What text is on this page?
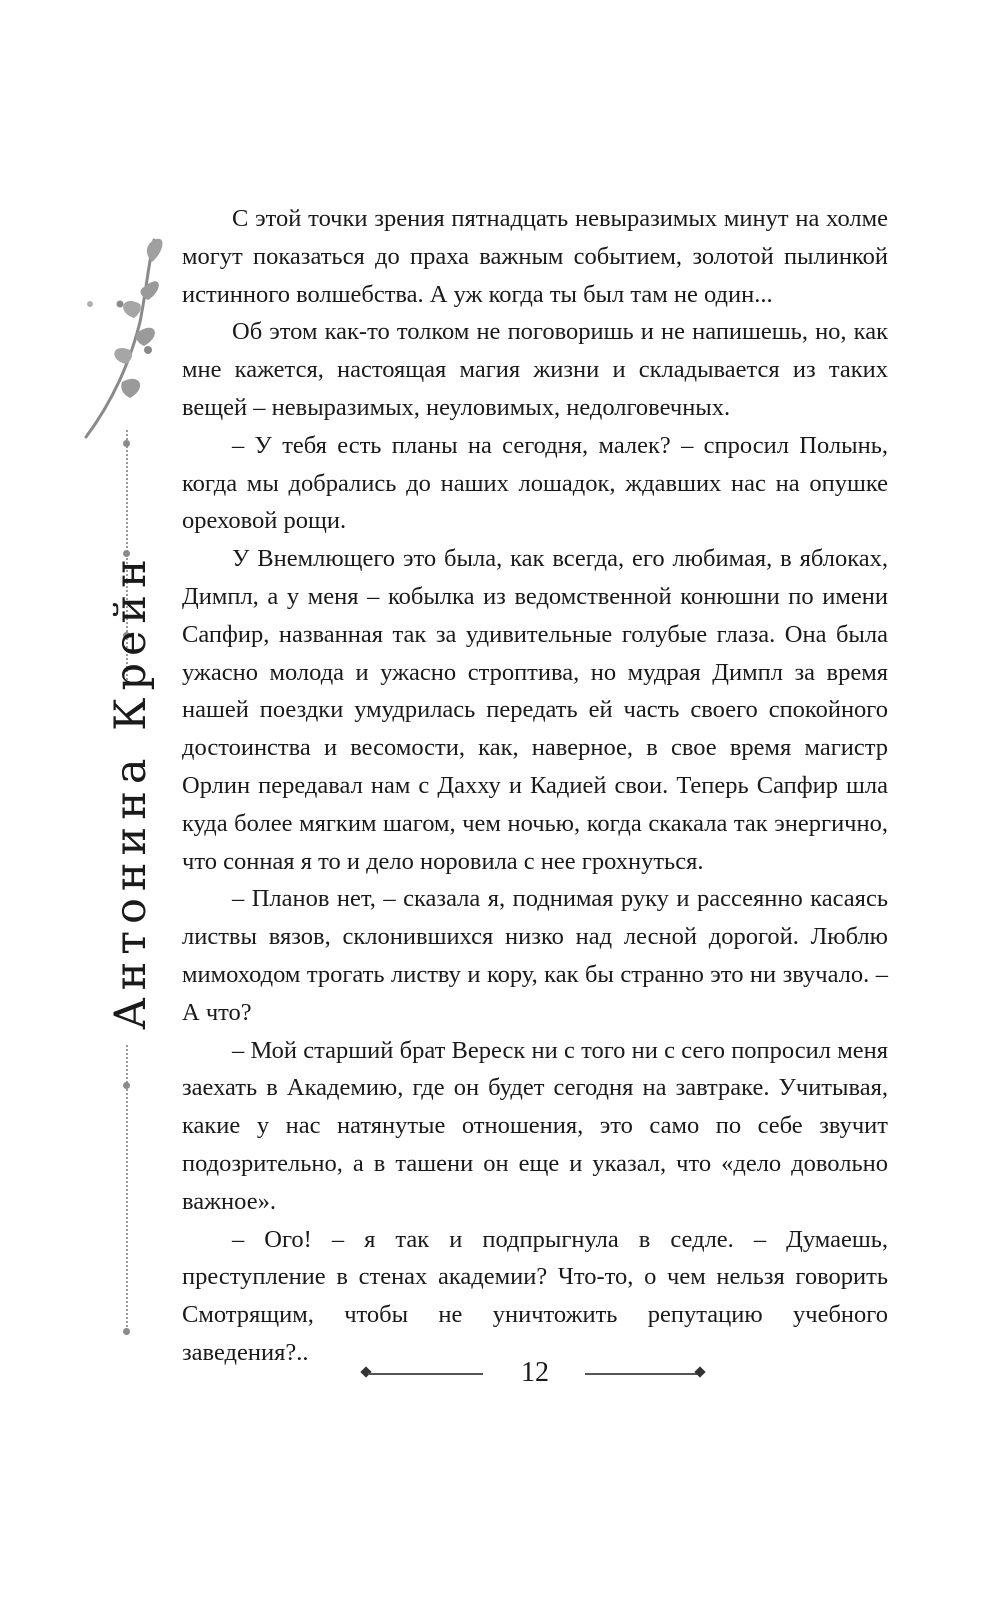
Антонина Крейн

С этой точки зрения пятнадцать невыразимых минут на холме могут показаться до праха важным событием, золотой пылинкой истинного волшебства. А уж когда ты был там не один...

Об этом как-то толком не поговоришь и не напишешь, но, как мне кажется, настоящая магия жизни и складывается из таких вещей – невыразимых, неуловимых, недолговечных.

– У тебя есть планы на сегодня, малек? – спросил Полынь, когда мы добрались до наших лошадок, ждавших нас на опушке ореховой рощи.

У Внемлющего это была, как всегда, его любимая, в яблоках, Димпл, а у меня – кобылка из ведомственной конюшни по имени Сапфир, названная так за удивительные голубые глаза. Она была ужасно молода и ужасно строптива, но мудрая Димпл за время нашей поездки умудрилась передать ей часть своего спокойного достоинства и весомости, как, наверное, в свое время магистр Орлин передавал нам с Дахху и Кадией свои. Теперь Сапфир шла куда более мягким шагом, чем ночью, когда скакала так энергично, что сонная я то и дело норовила с нее грохнуться.

– Планов нет, – сказала я, поднимая руку и рассеянно касаясь листвы вязов, склонившихся низко над лесной дорогой. Люблю мимоходом трогать листву и кору, как бы странно это ни звучало. – А что?

– Мой старший брат Вереск ни с того ни с сего попросил меня заехать в Академию, где он будет сегодня на завтраке. Учитывая, какие у нас натянутые отношения, это само по себе звучит подозрительно, а в ташени он еще и указал, что «дело довольно важное».

– Ого! – я так и подпрыгнула в седле. – Думаешь, преступление в стенах академии? Что-то, о чем нельзя говорить Смотрящим, чтобы не уничтожить репутацию учебного заведения?..

12
